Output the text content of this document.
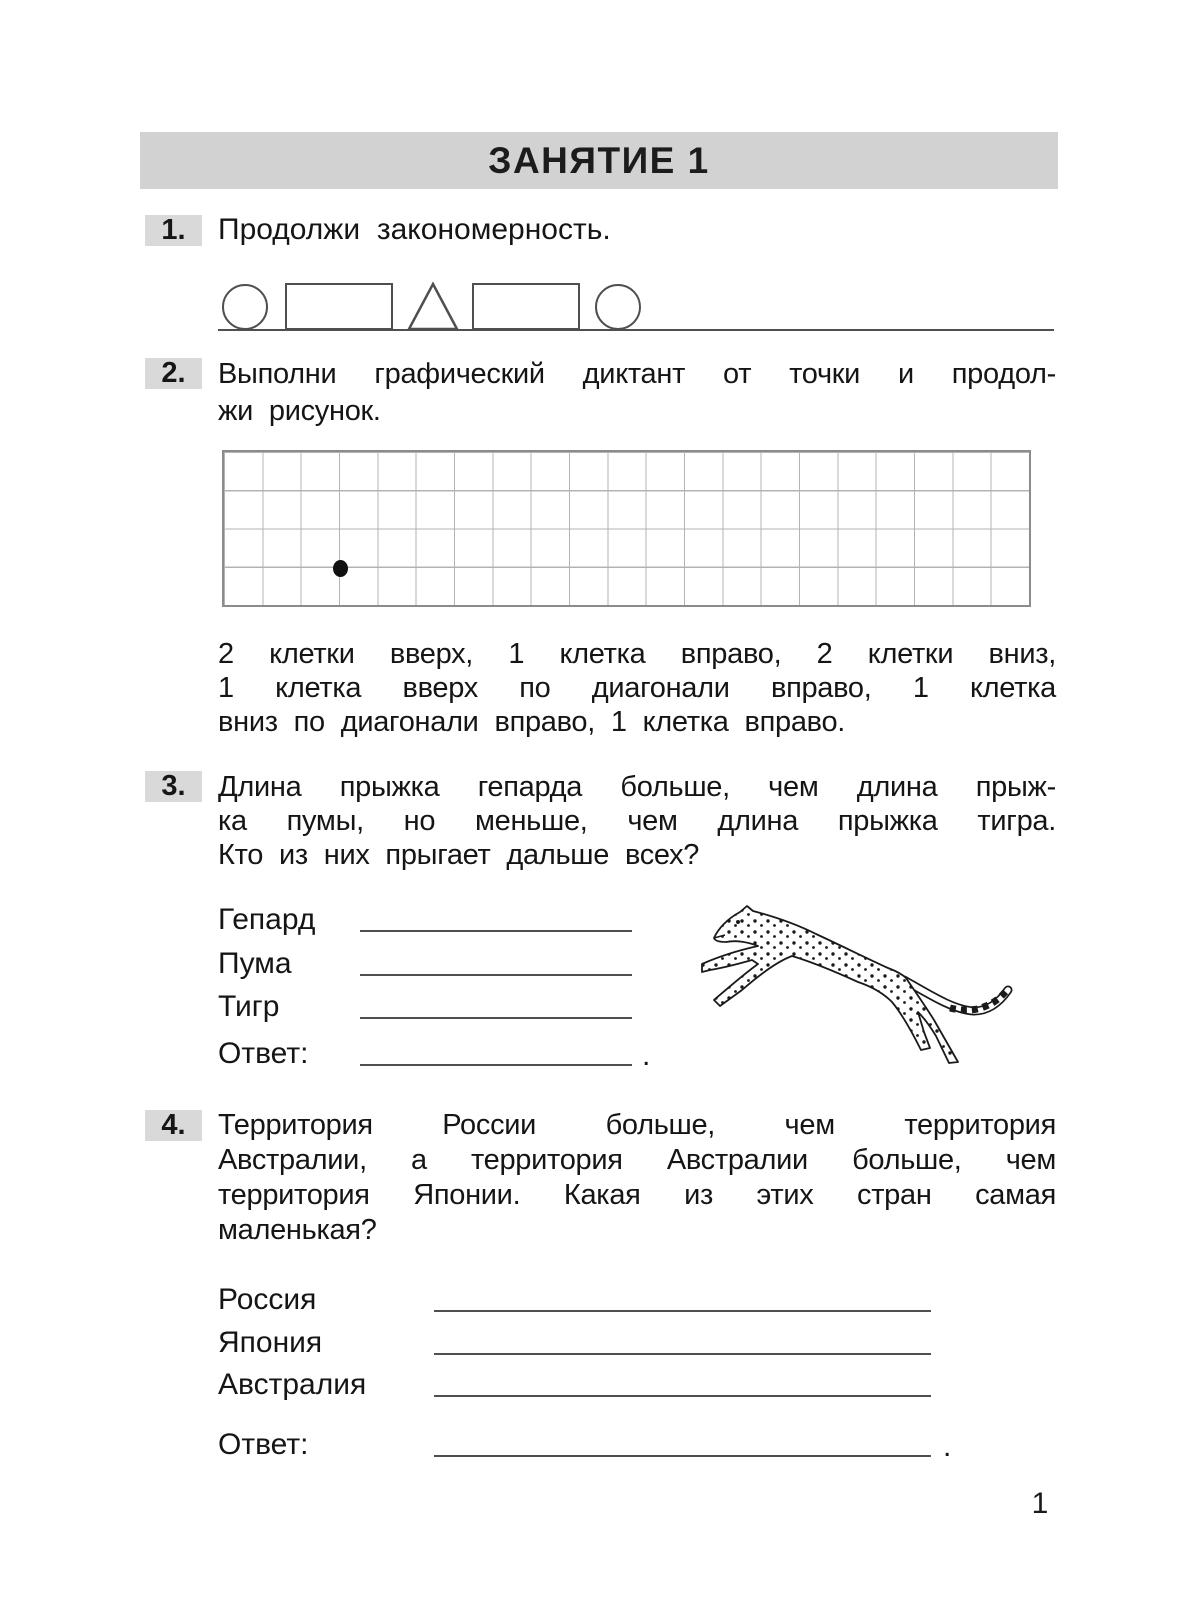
ЗАНЯТИЕ 1
1.	Продолжи закономерность.
2.	Выполни графический диктант от точки и продол-
жи рисунок.
2 клетки вверх, 1 клетка вправо, 2 клетки вниз,
1 клетка вверх по диагонали вправо, 1 клетка
вниз по диагонали вправо, 1 клетка вправо.
3.	Длина прыжка гепарда больше, чем длина прыж-
ка пумы, но меньше, чем длина прыжка тигра.
Кто из них прыгает дальше всех?
Гепард
Пума
Тигр
Ответ:	.
4.	Территория России больше, чем территория
Австралии, а территория Австралии больше, чем
территория Японии. Какая из этих стран самая
маленькая?
Россия
Япония
Австралия
Ответ:	.
1
